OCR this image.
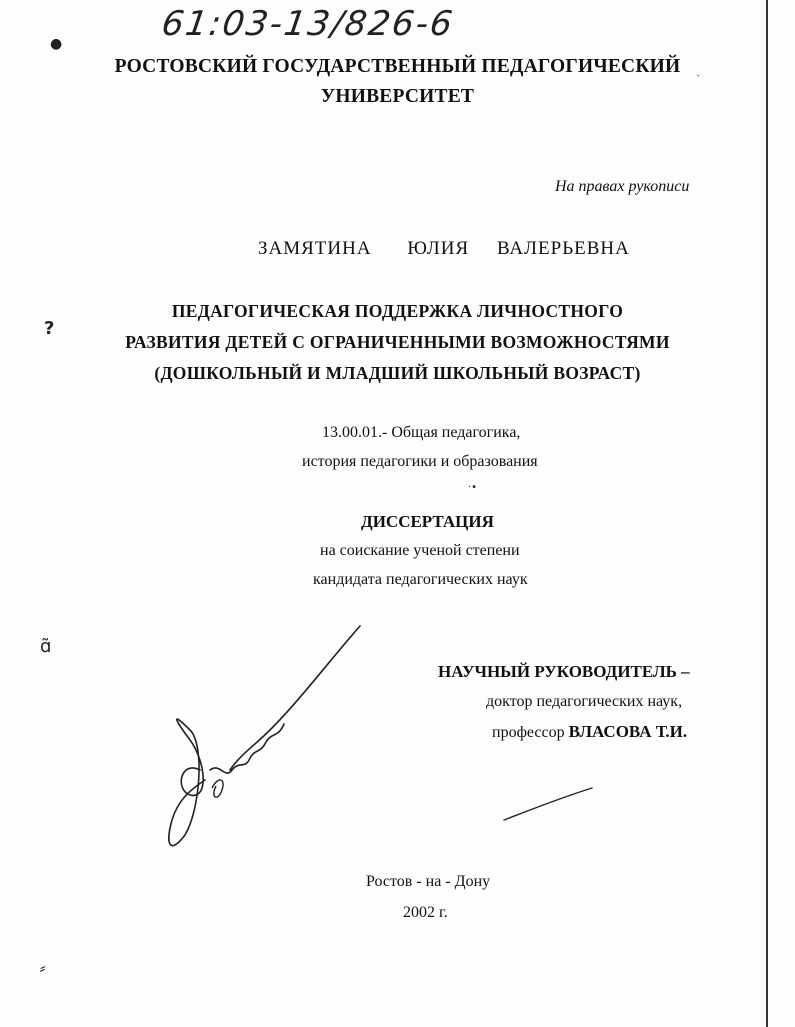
●
?
ɑ̃
⸗
ˎ
·•
61:03-13/826-6

РОСТОВСКИЙ ГОСУДАРСТВЕННЫЙ ПЕДАГОГИЧЕСКИЙ

УНИВЕРСИТЕТ

На правах рукописи

ЗАМЯТИНА ЮЛИЯ ВАЛЕРЬЕВНА

ПЕДАГОГИЧЕСКАЯ ПОДДЕРЖКА ЛИЧНОСТНОГО

РАЗВИТИЯ ДЕТЕЙ С ОГРАНИЧЕННЫМИ ВОЗМОЖНОСТЯМИ

(ДОШКОЛЬНЫЙ И МЛАДШИЙ ШКОЛЬНЫЙ ВОЗРАСТ)

13.00.01.- Общая педагогика,

история педагогики и образования

ДИССЕРТАЦИЯ

на соискание ученой степени

кандидата педагогических наук

НАУЧНЫЙ РУКОВОДИТЕЛЬ –

доктор педагогических наук,

профессор ВЛАСОВА Т.И.

Ростов - на - Дону

2002 г.
